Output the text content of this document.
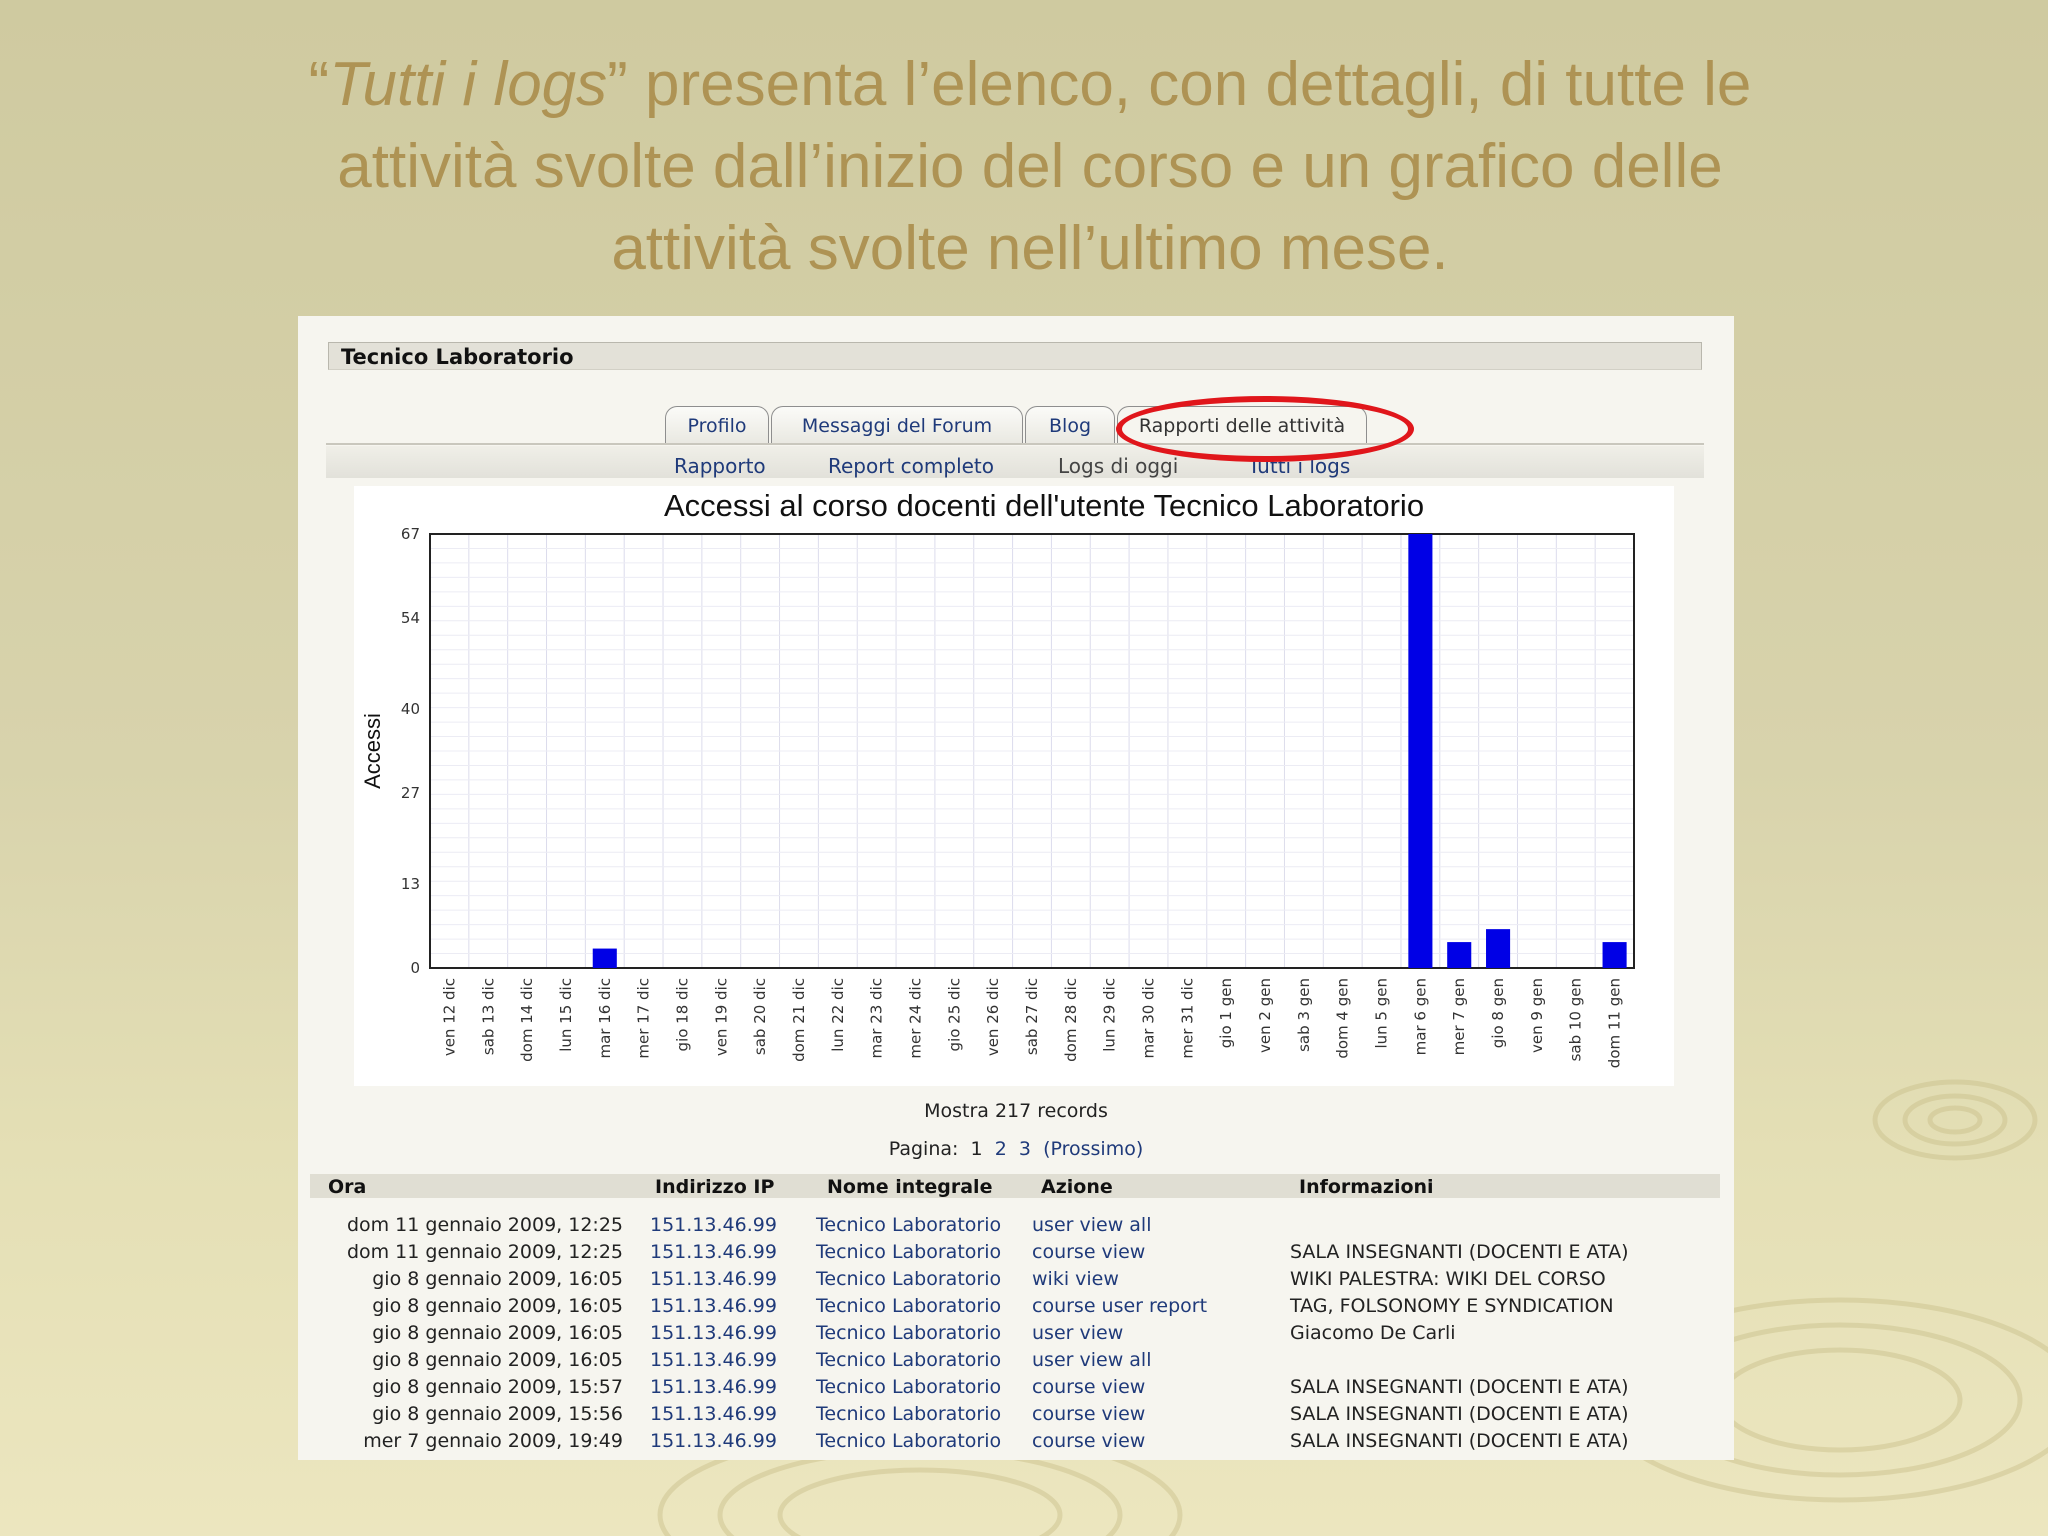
“Tutti i logs” presenta l’elenco, con dettagli, di tutte le
attività svolte dall’inizio del corso e un grafico delle
attività svolte nell’ultimo mese.
Tecnico Laboratorio
Profilo	Messaggi del Forum	Blog	Rapporti delle attività
Rapporto	Report completo	Logs di oggi	Tutti i logs
0
13
27
40
54
67
ven 12 dic sab 13 dic dom 14 dic lun 15 dic mar 16 dic mer 17 dic gio 18 dic ven 19 dic sab 20 dic dom 21 dic lun 22 dic mar 23 dic mer 24 dic gio 25 dic ven 26 dic sab 27 dic dom 28 dic lun 29 dic mar 30 dic mer 31 dic gio 1 gen ven 2 gen sab 3 gen dom 4 gen lun 5 gen mar 6 gen mer 7 gen gio 8 gen ven 9 gen sab 10 gen dom 11 gen
Accessi al corso docenti dell'utente Tecnico Laboratorio
Accessi
Mostra 217 records
Pagina: 1 2 3 (Prossimo)
Ora	Indirizzo IP	Nome integrale	Azione	Informazioni
dom 11 gennaio 2009, 12:25 151.13.46.99 Tecnico Laboratorio user view all
dom 11 gennaio 2009, 12:25 151.13.46.99 Tecnico Laboratorio course view	SALA INSEGNANTI (DOCENTI E ATA)
gio 8 gennaio 2009, 16:05 151.13.46.99 Tecnico Laboratorio wiki view	WIKI PALESTRA: WIKI DEL CORSO
gio 8 gennaio 2009, 16:05 151.13.46.99 Tecnico Laboratorio course user report	TAG, FOLSONOMY E SYNDICATION
gio 8 gennaio 2009, 16:05 151.13.46.99 Tecnico Laboratorio user view	Giacomo De Carli
gio 8 gennaio 2009, 16:05 151.13.46.99 Tecnico Laboratorio user view all
gio 8 gennaio 2009, 15:57 151.13.46.99 Tecnico Laboratorio course view	SALA INSEGNANTI (DOCENTI E ATA)
gio 8 gennaio 2009, 15:56 151.13.46.99 Tecnico Laboratorio course view	SALA INSEGNANTI (DOCENTI E ATA)
mer 7 gennaio 2009, 19:49 151.13.46.99 Tecnico Laboratorio course view	SALA INSEGNANTI (DOCENTI E ATA)
